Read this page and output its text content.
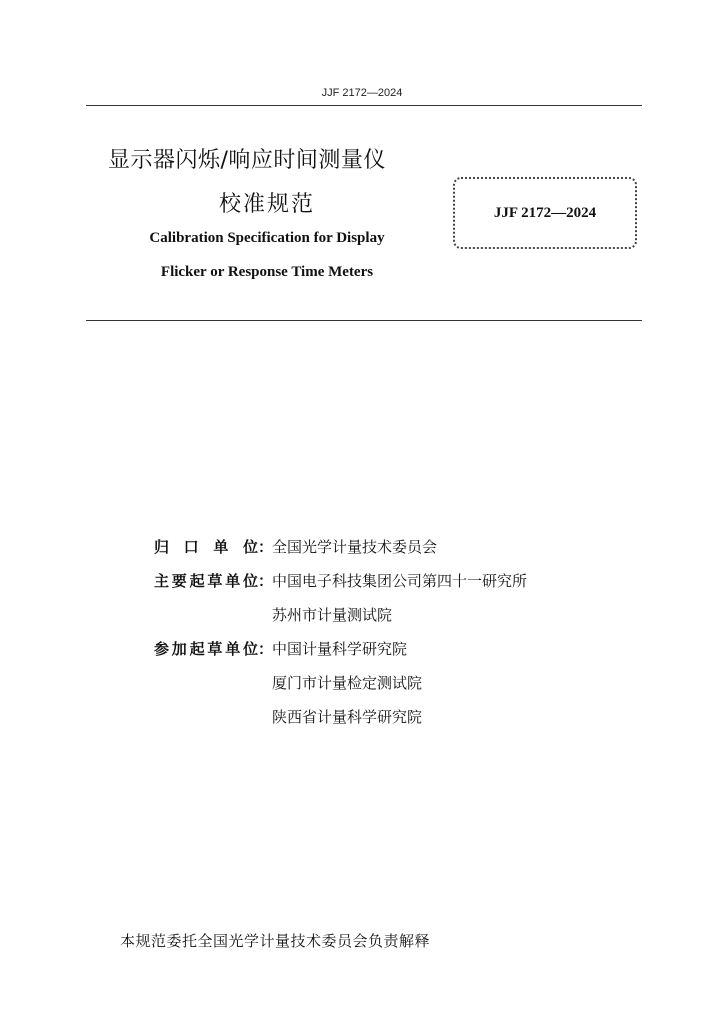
JJF 2172—2024
显示器闪烁/响应时间测量仪
校准规范
Calibration Specification for Display
Flicker or Response Time Meters
JJF 2172—2024
归口单位：全国光学计量技术委员会
主要起草单位：中国电子科技集团公司第四十一研究所
苏州市计量测试院
参加起草单位：中国计量科学研究院
厦门市计量检定测试院
陕西省计量科学研究院
本规范委托全国光学计量技术委员会负责解释
